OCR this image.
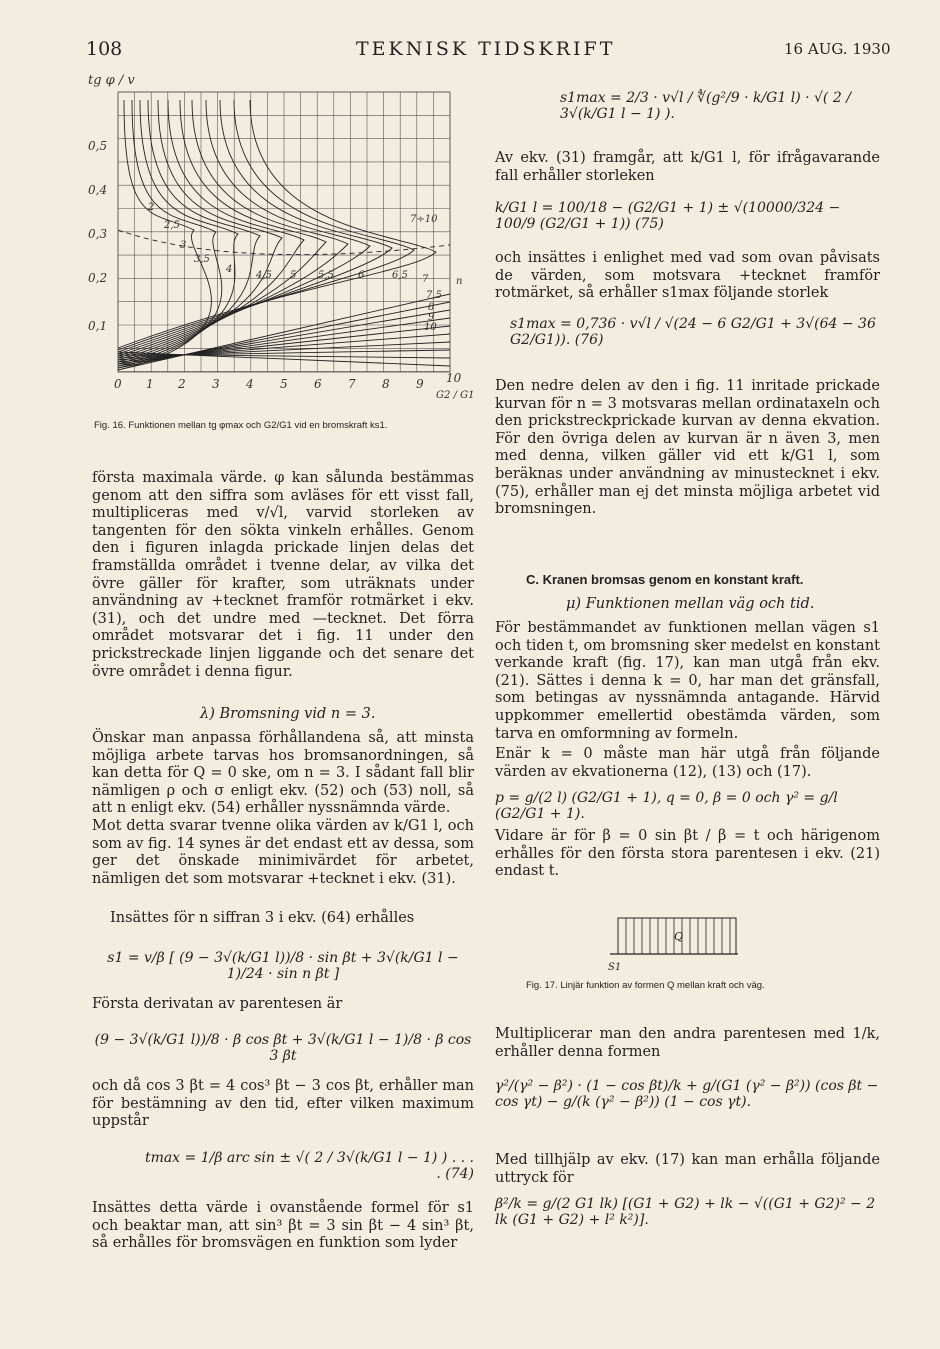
108	TEKNISK TIDSKRIFT	16 AUG. 1930
tg φ / v
0,5
0,4
0,3
0,2
0,1
0 1 2 3 4 5 6 7 8 9 10
G2 / G1
2
2,5
3
3,5
4
4,5 5 5,5 6	6,5 7
7÷10
7,5
8
9
10
n
Fig. 16. Funktionen mellan tg φmax och G2/G1 vid en bromskraft ks1.
första maximala värde. φ kan sålunda bestämmas genom att den siffra som avläses för ett visst fall, multipliceras med v/√l, varvid storleken av tangenten för den sökta vinkeln erhålles. Genom den i figuren inlagda prickade linjen delas det framställda området i tvenne delar, av vilka det övre gäller för krafter, som uträknats under användning av +tecknet framför rotmärket i ekv. (31), och det undre med —tecknet. Det förra området motsvarar det i fig. 11 under den prickstreckade linjen liggande och det senare det övre området i denna figur.
λ) Bromsning vid n = 3.
Önskar man anpassa förhållandena så, att minsta möjliga arbete tarvas hos bromsanordningen, så kan detta för Q = 0 ske, om n = 3. I sådant fall blir nämligen ρ och σ enligt ekv. (52) och (53) noll, så att n enligt ekv. (54) erhåller nyssnämnda värde.
Mot detta svarar tvenne olika värden av k/G1 l, och som av fig. 14 synes är det endast ett av dessa, som ger det önskade minimivärdet för arbetet, nämligen det som motsvarar +tecknet i ekv. (31).
Insättes för n siffran 3 i ekv. (64) erhålles
s1 = v/β [ (9 − 3√(k/G1 l))/8 · sin βt + 3√(k/G1 l − 1)/24 · sin n βt ]
Första derivatan av parentesen är
(9 − 3√(k/G1 l))/8 · β cos βt + 3√(k/G1 l − 1)/8 · β cos 3 βt
och då cos 3 βt = 4 cos³ βt − 3 cos βt, erhåller man för bestämning av den tid, efter vilken maximum uppstår
tmax = 1/β arc sin ± √( 2 / 3√(k/G1 l − 1) ) . . . . (74)
Insättes detta värde i ovanstående formel för s1 och beaktar man, att sin³ βt = 3 sin βt − 4 sin³ βt, så erhålles för bromsvägen en funktion som lyder
s1max = 2/3 · v√l / ∜(g²/9 · k/G1 l) · √( 2 / 3√(k/G1 l − 1) ).
Av ekv. (31) framgår, att k/G1 l, för ifrågavarande fall erhåller storleken
k/G1 l = 100/18 − (G2/G1 + 1) ± √(10000/324 − 100/9 (G2/G1 + 1)) (75)
och insättes i enlighet med vad som ovan påvisats de värden, som motsvara +tecknet framför rotmärket, så erhåller s1max följande storlek
s1max = 0,736 · v√l / √(24 − 6 G2/G1 + 3√(64 − 36 G2/G1)). (76)
Den nedre delen av den i fig. 11 inritade prickade kurvan för n = 3 motsvaras mellan ordinataxeln och den prickstreckprickade kurvan av denna ekvation. För den övriga delen av kurvan är n även 3, men med denna, vilken gäller vid ett k/G1 l, som beräknas under användning av minustecknet i ekv. (75), erhåller man ej det minsta möjliga arbetet vid bromsningen.
C. Kranen bromsas genom en konstant kraft.
μ) Funktionen mellan väg och tid.
För bestämmandet av funktionen mellan vägen s1 och tiden t, om bromsning sker medelst en konstant verkande kraft (fig. 17), kan man utgå från ekv. (21). Sättes i denna k = 0, har man det gränsfall, som betingas av nyssnämnda antagande. Härvid uppkommer emellertid obestämda värden, som tarva en omformning av formeln.
Enär k = 0 måste man här utgå från följande värden av ekvationerna (12), (13) och (17).
p = g/(2 l) (G2/G1 + 1), q = 0, β = 0 och γ² = g/l (G2/G1 + 1).
Vidare är för β = 0 sin βt / β = t och härigenom erhålles för den första stora parentesen i ekv. (21) endast t.
Q
S1
Fig. 17. Linjär funktion av formen Q mellan kraft och väg.
Multiplicerar man den andra parentesen med 1/k, erhåller denna formen
γ²/(γ² − β²) · (1 − cos βt)/k + g/(G1 (γ² − β²)) (cos βt − cos γt) − g/(k (γ² − β²)) (1 − cos γt).
Med tillhjälp av ekv. (17) kan man erhålla följande uttryck för
β²/k = g/(2 G1 lk) [(G1 + G2) + lk − √((G1 + G2)² − 2 lk (G1 + G2) + l² k²)].
